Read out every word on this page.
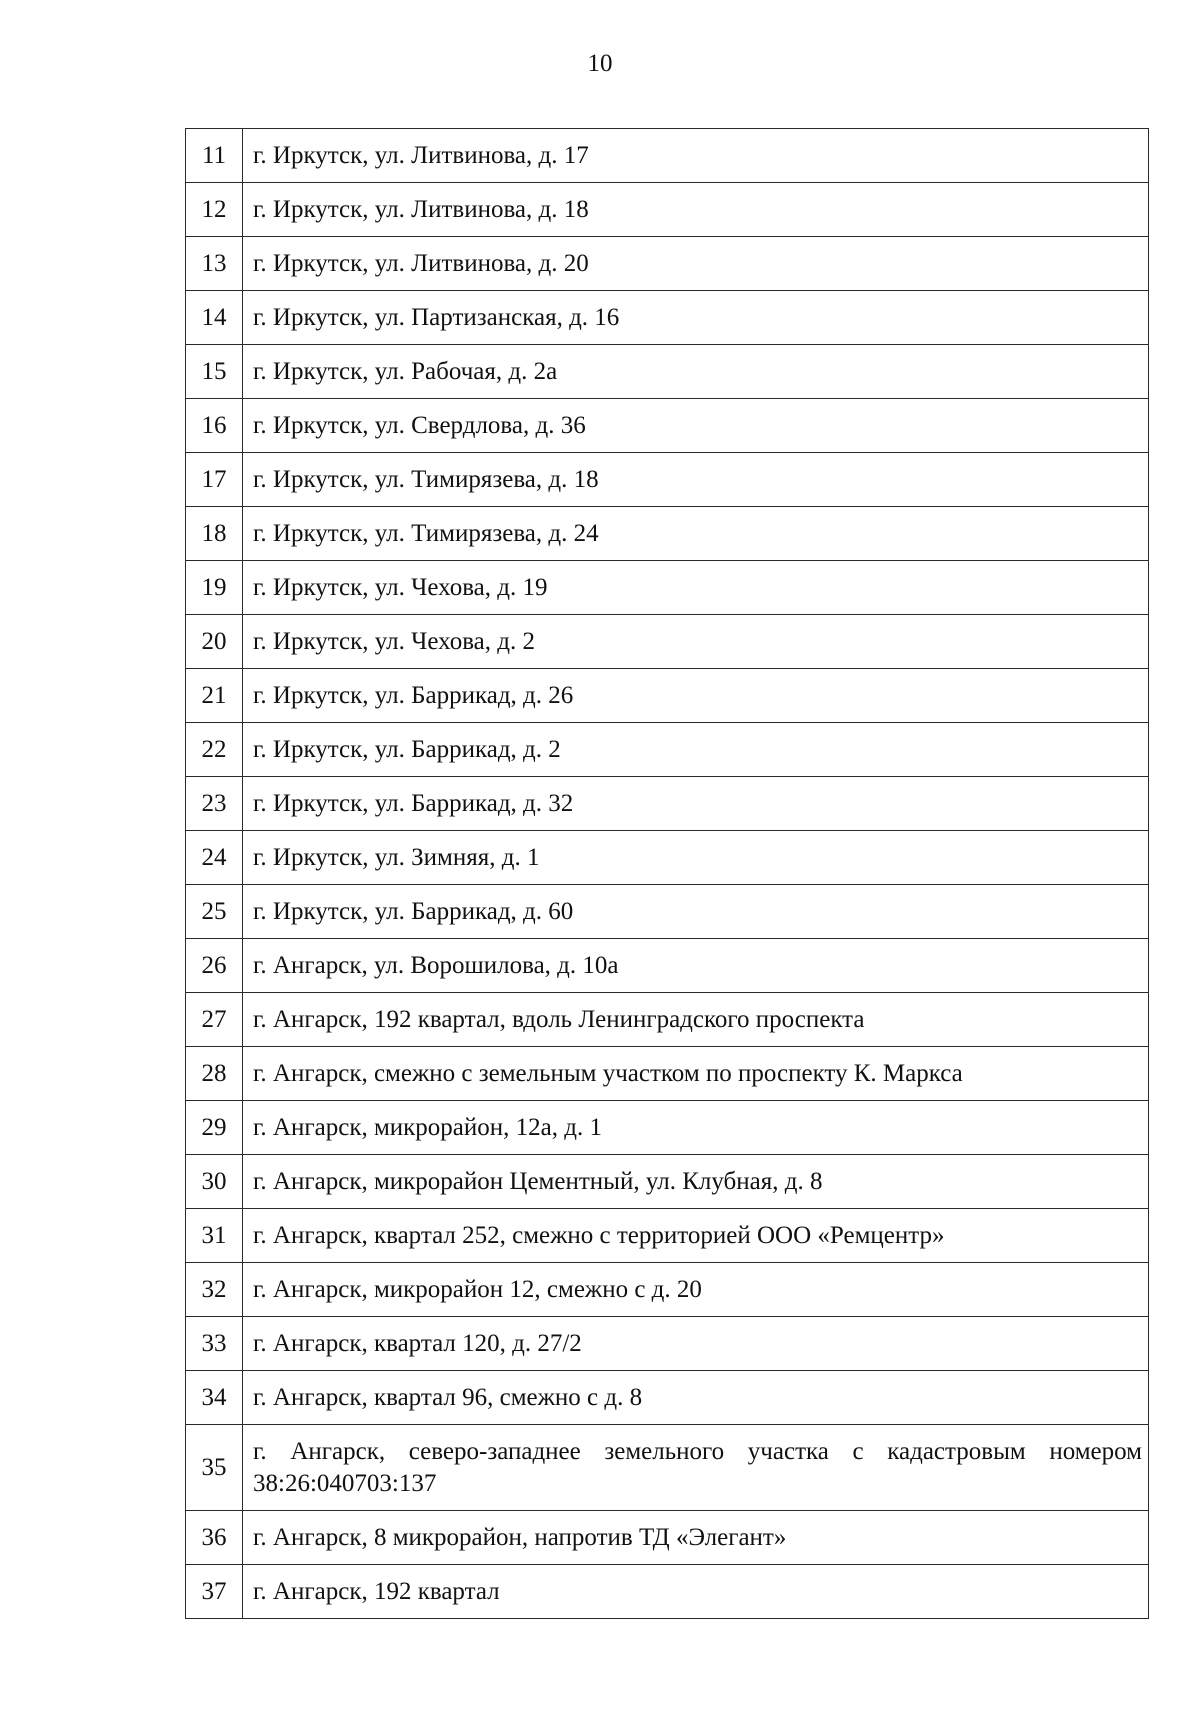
10
11	г. Иркутск, ул. Литвинова, д. 17
12	г. Иркутск, ул. Литвинова, д. 18
13	г. Иркутск, ул. Литвинова, д. 20
14	г. Иркутск, ул. Партизанская, д. 16
15	г. Иркутск, ул. Рабочая, д. 2а
16	г. Иркутск, ул. Свердлова, д. 36
17	г. Иркутск, ул. Тимирязева, д. 18
18	г. Иркутск, ул. Тимирязева, д. 24
19	г. Иркутск, ул. Чехова, д. 19
20	г. Иркутск, ул. Чехова, д. 2
21	г. Иркутск, ул. Баррикад, д. 26
22	г. Иркутск, ул. Баррикад, д. 2
23	г. Иркутск, ул. Баррикад, д. 32
24	г. Иркутск, ул. Зимняя, д. 1
25	г. Иркутск, ул. Баррикад, д. 60
26	г. Ангарск, ул. Ворошилова, д. 10а
27	г. Ангарск, 192 квартал, вдоль Ленинградского проспекта
28	г. Ангарск, смежно с земельным участком по проспекту К. Маркса
29	г. Ангарск, микрорайон, 12а, д. 1
30	г. Ангарск, микрорайон Цементный, ул. Клубная, д. 8
31	г. Ангарск, квартал 252, смежно с территорией ООО «Ремцентр»
32	г. Ангарск, микрорайон 12, смежно с д. 20
33	г. Ангарск, квартал 120, д. 27/2
34	г. Ангарск, квартал 96, смежно с д. 8
35	г. Ангарск, северо-западнее земельного участка с кадастровым номером 38:26:040703:137
36	г. Ангарск, 8 микрорайон, напротив ТД «Элегант»
37	г. Ангарск, 192 квартал
